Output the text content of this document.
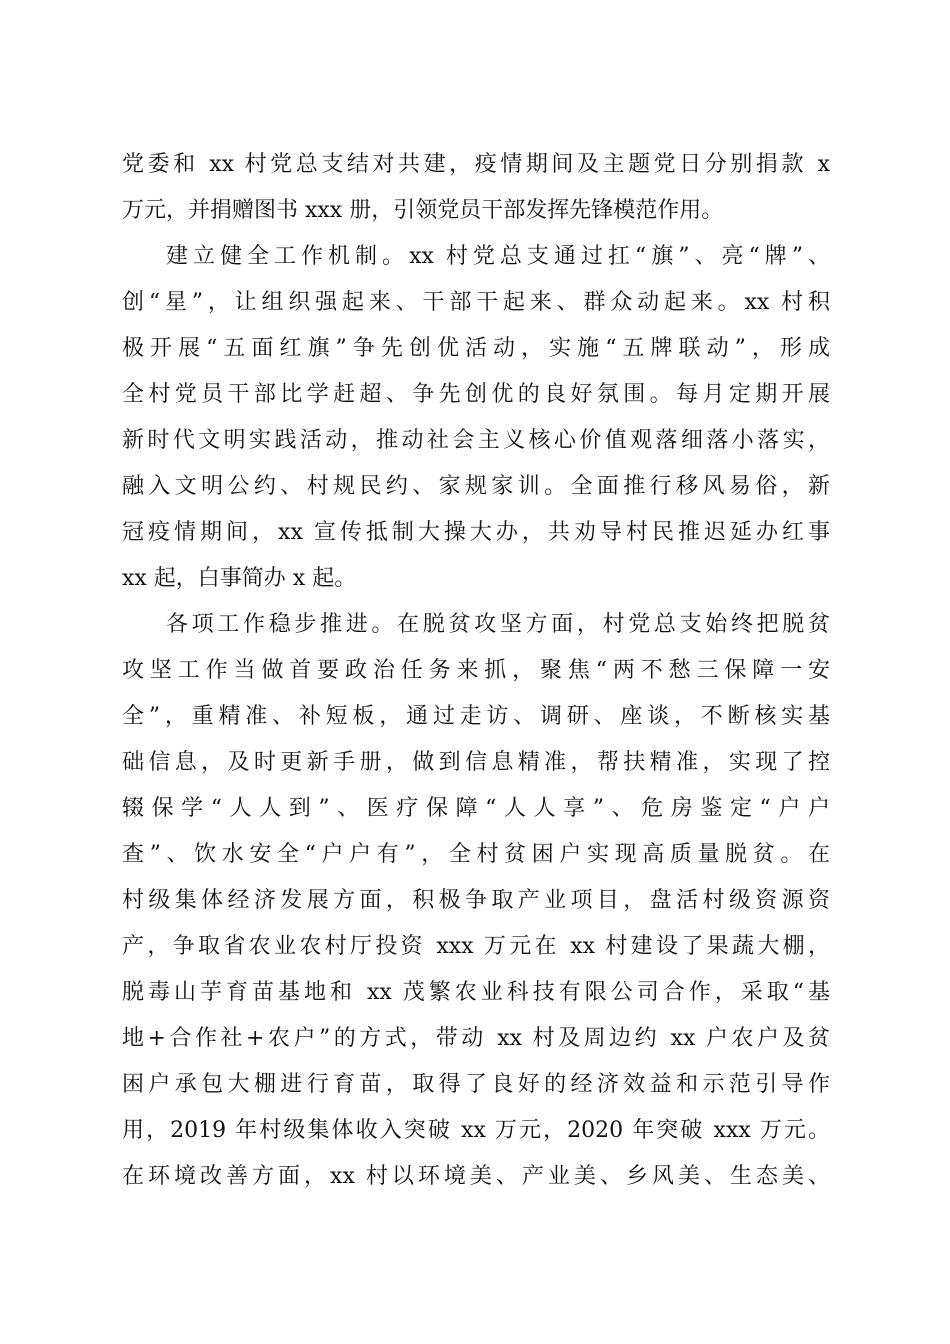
党委和 xx 村党总支结对共建，疫情期间及主题党日分别捐款 x
万元，并捐赠图书 xxx 册，引领党员干部发挥先锋模范作用。
建立健全工作机制。xx 村党总支通过扛“旗”、亮“牌”、
创“星”，让组织强起来、干部干起来、群众动起来。xx 村积
极开展“五面红旗”争先创优活动，实施“五牌联动”，形成
全村党员干部比学赶超、争先创优的良好氛围。每月定期开展
新时代文明实践活动，推动社会主义核心价值观落细落小落实，
融入文明公约、村规民约、家规家训。全面推行移风易俗，新
冠疫情期间，xx 宣传抵制大操大办，共劝导村民推迟延办红事
xx 起，白事简办 x 起。
各项工作稳步推进。在脱贫攻坚方面，村党总支始终把脱贫
攻坚工作当做首要政治任务来抓，聚焦“两不愁三保障一安
全”，重精准、补短板，通过走访、调研、座谈，不断核实基
础信息，及时更新手册，做到信息精准，帮扶精准，实现了控
辍保学“人人到”、医疗保障“人人享”、危房鉴定“户户
查”、饮水安全“户户有”，全村贫困户实现高质量脱贫。在
村级集体经济发展方面，积极争取产业项目，盘活村级资源资
产，争取省农业农村厅投资 xxx 万元在 xx 村建设了果蔬大棚，
脱毒山芋育苗基地和 xx 茂繁农业科技有限公司合作，采取“基
地+合作社+农户”的方式，带动 xx 村及周边约 xx 户农户及贫
困户承包大棚进行育苗，取得了良好的经济效益和示范引导作
用，2019 年村级集体收入突破 xx 万元，2020 年突破 xxx 万元。
在环境改善方面，xx 村以环境美、产业美、乡风美、生态美、
